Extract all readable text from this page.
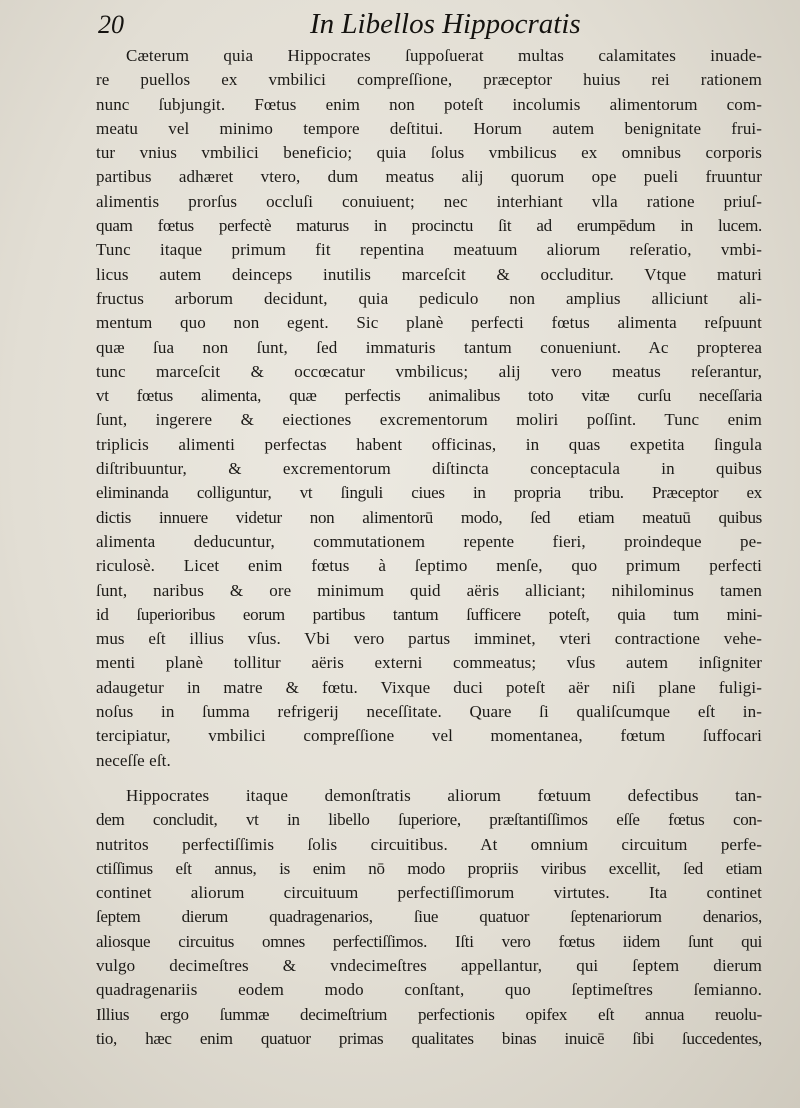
20	In Libellos Hippocratis
Cæterum quia Hippocrates ſuppoſuerat multas calamitates inuade-
re puellos ex vmbilici compreſſione, præceptor huius rei rationem
nunc ſubjungit. Fœtus enim non poteſt incolumis alimentorum com-
meatu vel minimo tempore deſtitui. Horum autem benignitate frui-
tur vnius vmbilici beneficio; quia ſolus vmbilicus ex omnibus corporis
partibus adhæret vtero, dum meatus alij quorum ope pueli fruuntur
alimentis prorſus occluſi conuiuent; nec interhiant vlla ratione priuſ-
quam fœtus perfectè maturus in procinctu ſit ad erumpēdum in lucem.
Tunc itaque primum fit repentina meatuum aliorum reſeratio, vmbi-
licus autem deinceps inutilis marceſcit & occluditur. Vtque maturi
fructus arborum decidunt, quia pediculo non amplius alliciunt ali-
mentum quo non egent. Sic planè perfecti fœtus alimenta reſpuunt
quæ ſua non ſunt, ſed immaturis tantum conueniunt. Ac propterea
tunc marceſcit & occœcatur vmbilicus; alij vero meatus reſerantur,
vt fœtus alimenta, quæ perfectis animalibus toto vitæ curſu neceſſaria
ſunt, ingerere & eiectiones excrementorum moliri poſſint. Tunc enim
triplicis alimenti perfectas habent officinas, in quas expetita ſingula
diſtribuuntur, & excrementorum diſtincta conceptacula in quibus
eliminanda colliguntur, vt ſinguli ciues in propria tribu. Præceptor ex
dictis innuere videtur non alimentorū modo, ſed etiam meatuū quibus
alimenta deducuntur, commutationem repente fieri, proindeque pe-
riculosè. Licet enim fœtus à ſeptimo menſe, quo primum perfecti
ſunt, naribus & ore minimum quid aëris alliciant; nihilominus tamen
id ſuperioribus eorum partibus tantum ſufficere poteſt, quia tum mini-
mus eſt illius vſus. Vbi vero partus imminet, vteri contractione vehe-
menti planè tollitur aëris externi commeatus; vſus autem inſigniter
adaugetur in matre & fœtu. Vixque duci poteſt aër niſi plane fuligi-
noſus in ſumma refrigerij neceſſitate. Quare ſi qualiſcumque eſt in-
tercipiatur, vmbilici compreſſione vel momentanea, fœtum ſuffocari
neceſſe eſt.
Hippocrates itaque demonſtratis aliorum fœtuum defectibus tan-
dem concludit, vt in libello ſuperiore, præſtantiſſimos eſſe fœtus con-
nutritos perfectiſſimis ſolis circuitibus. At omnium circuitum perfe-
ctiſſimus eſt annus, is enim nō modo propriis viribus excellit, ſed etiam
continet aliorum circuituum perfectiſſimorum virtutes. Ita continet
ſeptem dierum quadragenarios, ſiue quatuor ſeptenariorum denarios,
aliosque circuitus omnes perfectiſſimos. Iſti vero fœtus iidem ſunt qui
vulgo decimeſtres & vndecimeſtres appellantur, qui ſeptem dierum
quadragenariis eodem modo conſtant, quo ſeptimeſtres ſemianno.
Illius ergo ſummæ decimeſtrium perfectionis opifex eſt annua reuolu-
tio, hæc enim quatuor primas qualitates binas inuicē ſibi ſuccedentes,
